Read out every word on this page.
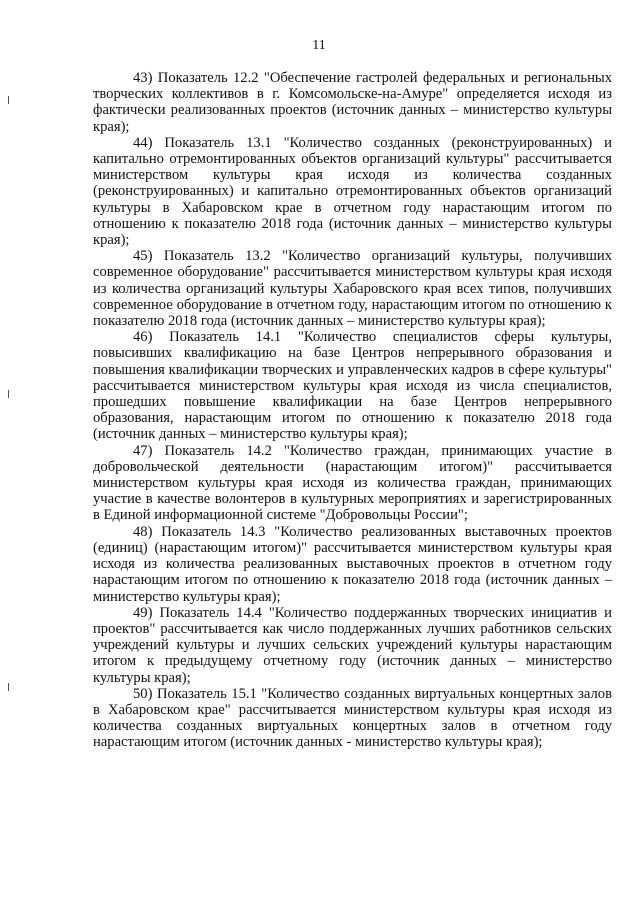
11

43) Показатель 12.2 "Обеспечение гастролей федеральных и региональных творческих коллективов в г. Комсомольске-на-Амуре" определяется исходя из фактически реализованных проектов (источник данных – министерство культуры края);

44) Показатель 13.1 "Количество созданных (реконструированных) и капитально отремонтированных объектов организаций культуры" рассчитывается министерством культуры края исходя из количества созданных (реконструированных) и капитально отремонтированных объектов организаций культуры в Хабаровском крае в отчетном году нарастающим итогом по отношению к показателю 2018 года (источник данных – министерство культуры края);

45) Показатель 13.2 "Количество организаций культуры, получивших современное оборудование" рассчитывается министерством культуры края исходя из количества организаций культуры Хабаровского края всех типов, получивших современное оборудование в отчетном году, нарастающим итогом по отношению к показателю 2018 года (источник данных – министерство культуры края);

46) Показатель 14.1 "Количество специалистов сферы культуры, повысивших квалификацию на базе Центров непрерывного образования и повышения квалификации творческих и управленческих кадров в сфере культуры" рассчитывается министерством культуры края исходя из числа специалистов, прошедших повышение квалификации на базе Центров непрерывного образования, нарастающим итогом по отношению к показателю 2018 года (источник данных – министерство культуры края);

47) Показатель 14.2 "Количество граждан, принимающих участие в добровольческой деятельности (нарастающим итогом)" рассчитывается министерством культуры края исходя из количества граждан, принимающих участие в качестве волонтеров в культурных мероприятиях и зарегистрированных в Единой информационной системе "Добровольцы России";

48) Показатель 14.3 "Количество реализованных выставочных проектов (единиц) (нарастающим итогом)" рассчитывается министерством культуры края исходя из количества реализованных выставочных проектов в отчетном году нарастающим итогом по отношению к показателю 2018 года (источник данных – министерство культуры края);

49) Показатель 14.4 "Количество поддержанных творческих инициатив и проектов" рассчитывается как число поддержанных лучших работников сельских учреждений культуры и лучших сельских учреждений культуры нарастающим итогом к предыдущему отчетному году (источник данных – министерство культуры края);

50) Показатель 15.1 "Количество созданных виртуальных концертных залов в Хабаровском крае" рассчитывается министерством культуры края исходя из количества созданных виртуальных концертных залов в отчетном году нарастающим итогом (источник данных - министерство культуры края);
